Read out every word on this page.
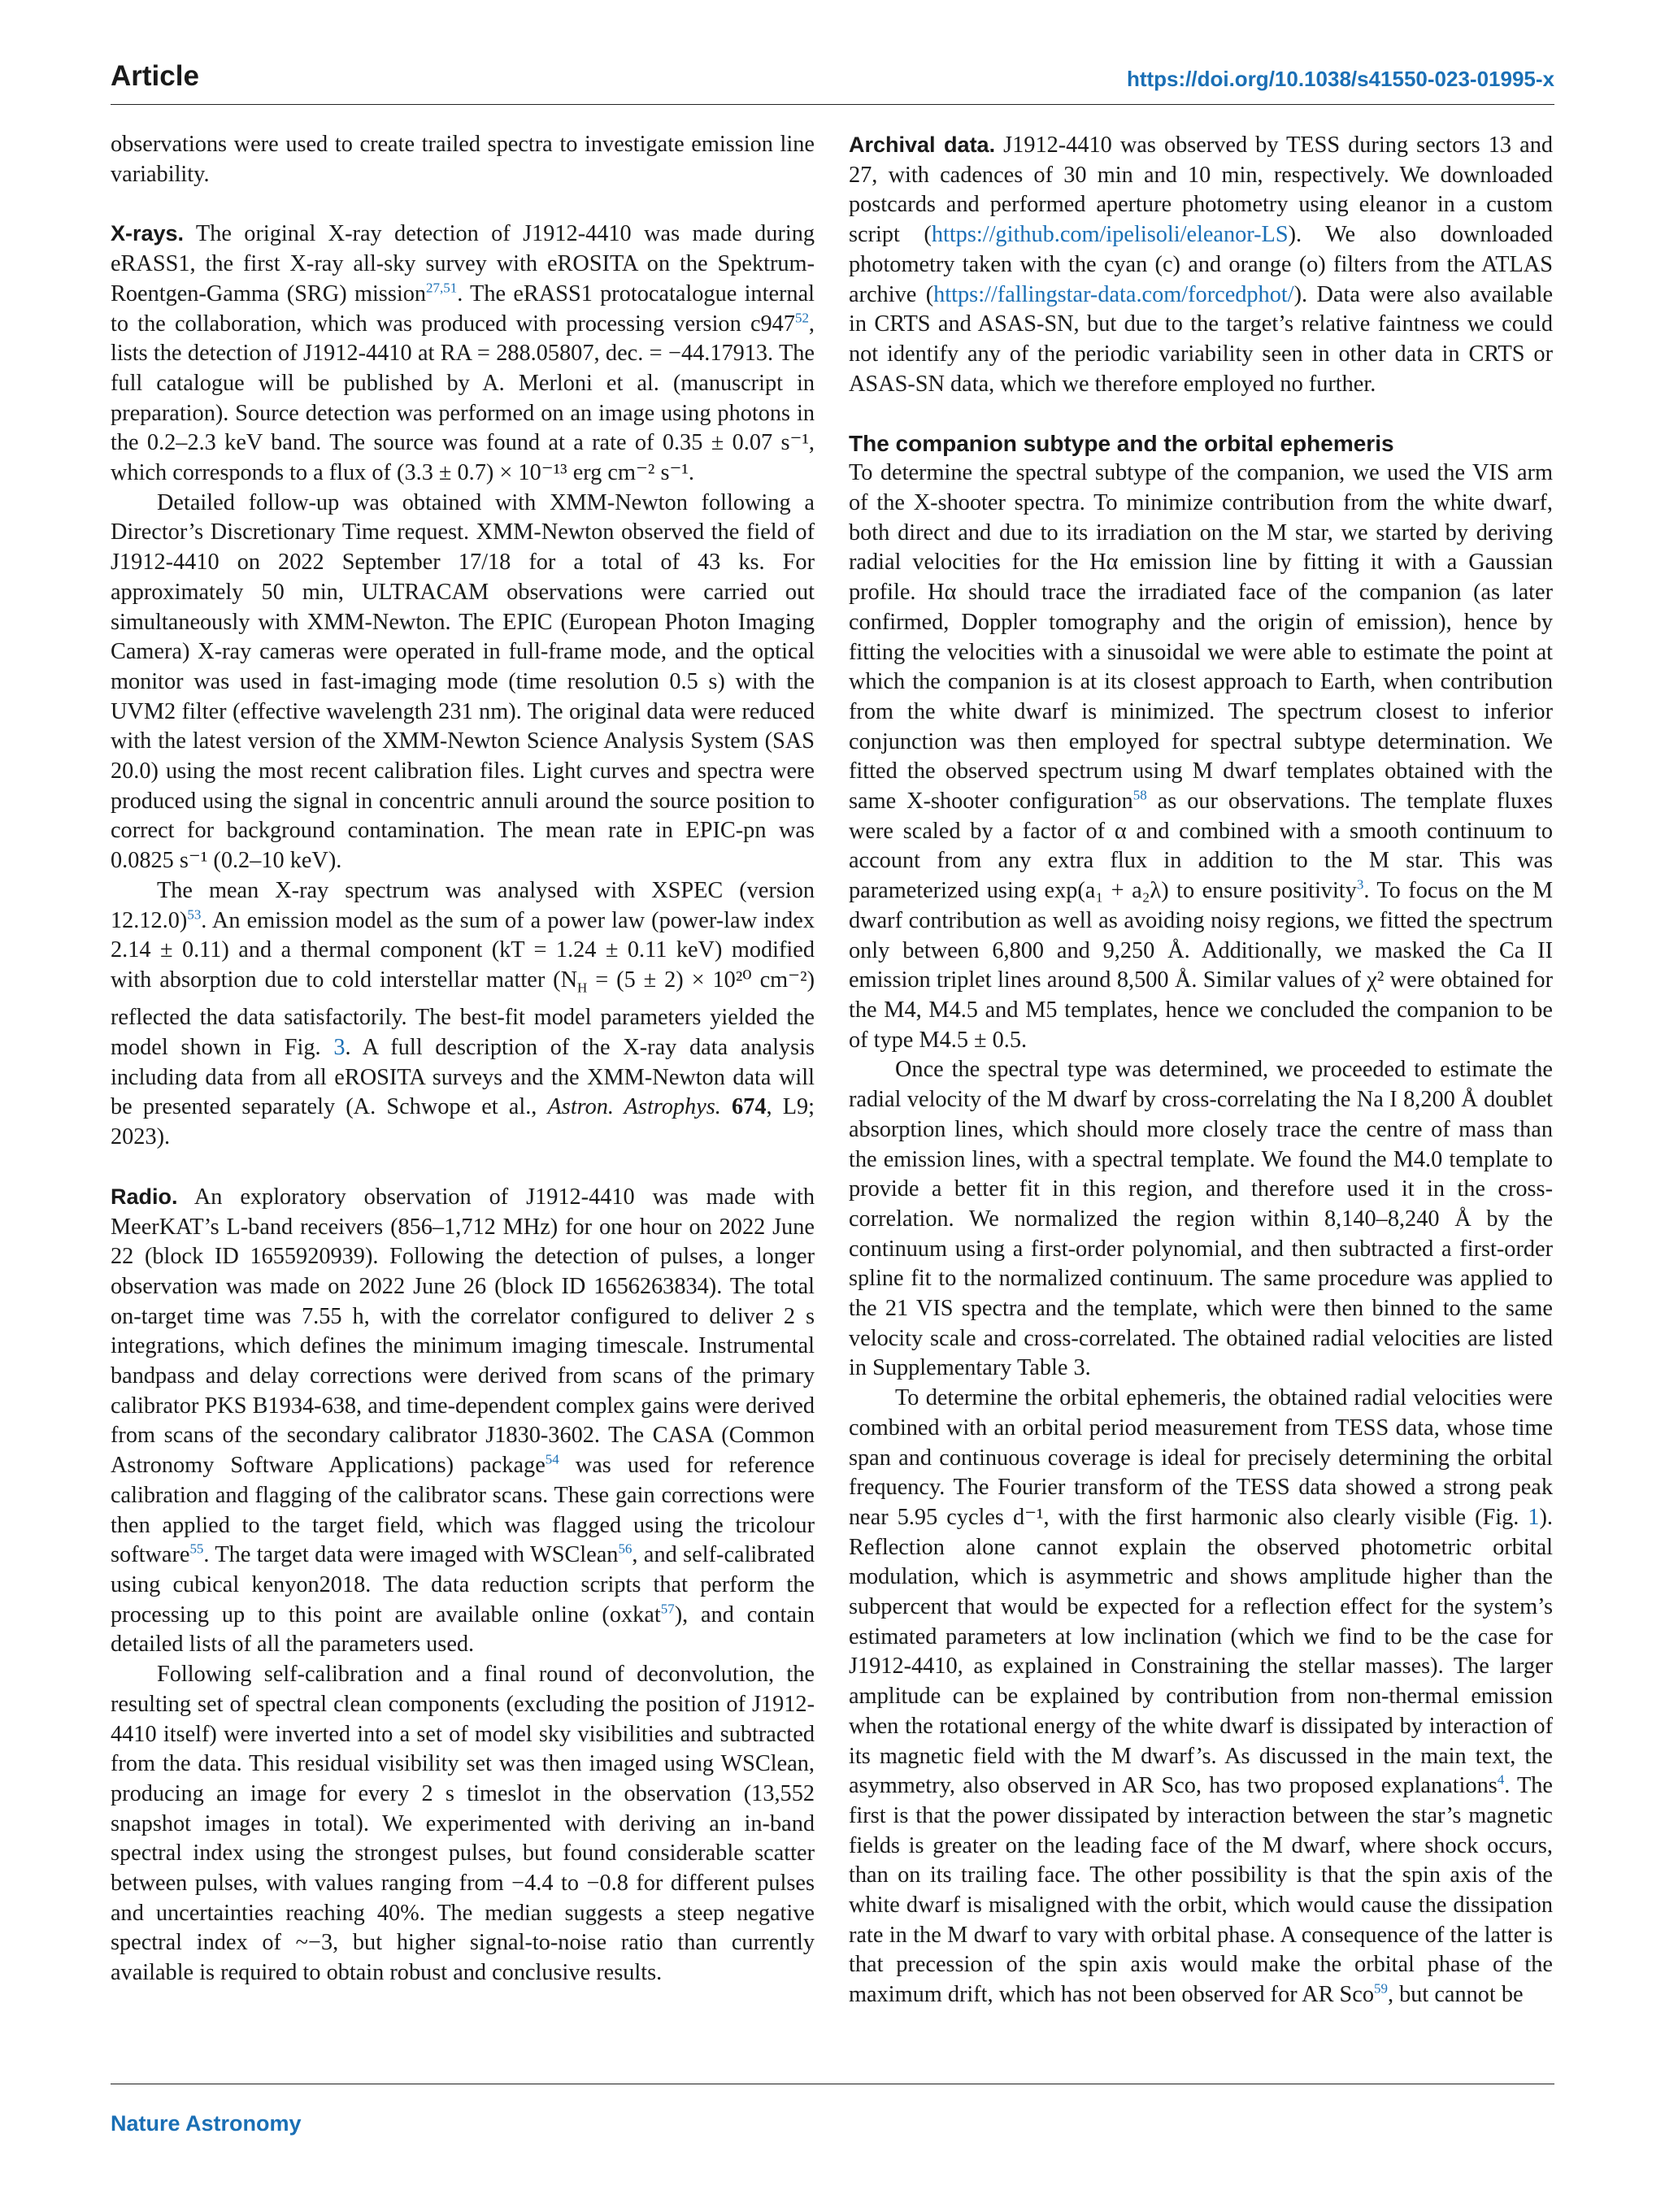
Article	https://doi.org/10.1038/s41550-023-01995-x

observations were used to create trailed spectra to investigate emission line variability.

X-rays. The original X-ray detection of J1912-4410 was made during eRASS1, the first X-ray all-sky survey with eROSITA on the Spektrum-Roentgen-Gamma (SRG) mission$^{27,51}$. The eRASS1 protocatalogue internal to the collaboration, which was produced with processing version c947$^{52}$, lists the detection of J1912-4410 at RA = 288.05807, dec. = −44.17913. The full catalogue will be published by A. Merloni et al. (manuscript in preparation). Source detection was performed on an image using photons in the 0.2–2.3 keV band. The source was found at a rate of 0.35 ± 0.07 s⁻¹, which corresponds to a flux of (3.3 ± 0.7) × 10⁻¹³ erg cm⁻² s⁻¹.

Detailed follow-up was obtained with XMM-Newton following a Director’s Discretionary Time request. XMM-Newton observed the field of J1912-4410 on 2022 September 17/18 for a total of 43 ks. For approximately 50 min, ULTRACAM observations were carried out simultaneously with XMM-Newton. The EPIC (European Photon Imaging Camera) X-ray cameras were operated in full-frame mode, and the optical monitor was used in fast-imaging mode (time resolution 0.5 s) with the UVM2 filter (effective wavelength 231 nm). The original data were reduced with the latest version of the XMM-Newton Science Analysis System (SAS 20.0) using the most recent calibration files. Light curves and spectra were produced using the signal in concentric annuli around the source position to correct for background contamination. The mean rate in EPIC-pn was 0.0825 s⁻¹ (0.2–10 keV).

The mean X-ray spectrum was analysed with XSPEC (version 12.12.0)$^{53}$. An emission model as the sum of a power law (power-law index 2.14 ± 0.11) and a thermal component (kT = 1.24 ± 0.11 keV) modified with absorption due to cold interstellar matter ($N_H = (5 \pm 2) \times 10^{20}$ cm⁻²) reflected the data satisfactorily. The best-fit model parameters yielded the model shown in Fig. 3. A full description of the X-ray data analysis including data from all eROSITA surveys and the XMM-Newton data will be presented separately (A. Schwope et al., Astron. Astrophys. 674, L9; 2023).

Radio. An exploratory observation of J1912-4410 was made with MeerKAT’s L-band receivers (856–1,712 MHz) for one hour on 2022 June 22 (block ID 1655920939). Following the detection of pulses, a longer observation was made on 2022 June 26 (block ID 1656263834). The total on-target time was 7.55 h, with the correlator configured to deliver 2 s integrations, which defines the minimum imaging timescale. Instrumental bandpass and delay corrections were derived from scans of the primary calibrator PKS B1934-638, and time-dependent complex gains were derived from scans of the secondary calibrator J1830-3602. The CASA (Common Astronomy Software Applications) package$^{54}$ was used for reference calibration and flagging of the calibrator scans. These gain corrections were then applied to the target field, which was flagged using the tricolour software$^{55}$. The target data were imaged with WSClean$^{56}$, and self-calibrated using cubical kenyon2018. The data reduction scripts that perform the processing up to this point are available online (oxkat$^{57}$), and contain detailed lists of all the parameters used.

Following self-calibration and a final round of deconvolution, the resulting set of spectral clean components (excluding the position of J1912-4410 itself) were inverted into a set of model sky visibilities and subtracted from the data. This residual visibility set was then imaged using WSClean, producing an image for every 2 s timeslot in the observation (13,552 snapshot images in total). We experimented with deriving an in-band spectral index using the strongest pulses, but found considerable scatter between pulses, with values ranging from −4.4 to −0.8 for different pulses and uncertainties reaching 40%. The median suggests a steep negative spectral index of ~−3, but higher signal-to-noise ratio than currently available is required to obtain robust and conclusive results.

Archival data. J1912-4410 was observed by TESS during sectors 13 and 27, with cadences of 30 min and 10 min, respectively. We downloaded postcards and performed aperture photometry using eleanor in a custom script (https://github.com/ipelisoli/eleanor-LS). We also downloaded photometry taken with the cyan (c) and orange (o) filters from the ATLAS archive (https://fallingstar-data.com/forcedphot/). Data were also available in CRTS and ASAS-SN, but due to the target’s relative faintness we could not identify any of the periodic variability seen in other data in CRTS or ASAS-SN data, which we therefore employed no further.

The companion subtype and the orbital ephemeris

To determine the spectral subtype of the companion, we used the VIS arm of the X-shooter spectra. To minimize contribution from the white dwarf, both direct and due to its irradiation on the M star, we started by deriving radial velocities for the Hα emission line by fitting it with a Gaussian profile. Hα should trace the irradiated face of the companion (as later confirmed, Doppler tomography and the origin of emission), hence by fitting the velocities with a sinusoidal we were able to estimate the point at which the companion is at its closest approach to Earth, when contribution from the white dwarf is minimized. The spectrum closest to inferior conjunction was then employed for spectral subtype determination. We fitted the observed spectrum using M dwarf templates obtained with the same X-shooter configuration$^{58}$ as our observations. The template fluxes were scaled by a factor of α and combined with a smooth continuum to account from any extra flux in addition to the M star. This was parameterized using exp(a₁ + a₂λ) to ensure positivity$^3$. To focus on the M dwarf contribution as well as avoiding noisy regions, we fitted the spectrum only between 6,800 and 9,250 Å. Additionally, we masked the Ca II emission triplet lines around 8,500 Å. Similar values of χ² were obtained for the M4, M4.5 and M5 templates, hence we concluded the companion to be of type M4.5 ± 0.5.

Once the spectral type was determined, we proceeded to estimate the radial velocity of the M dwarf by cross-correlating the Na I 8,200 Å doublet absorption lines, which should more closely trace the centre of mass than the emission lines, with a spectral template. We found the M4.0 template to provide a better fit in this region, and therefore used it in the cross-correlation. We normalized the region within 8,140–8,240 Å by the continuum using a first-order polynomial, and then subtracted a first-order spline fit to the normalized continuum. The same procedure was applied to the 21 VIS spectra and the template, which were then binned to the same velocity scale and cross-correlated. The obtained radial velocities are listed in Supplementary Table 3.

To determine the orbital ephemeris, the obtained radial velocities were combined with an orbital period measurement from TESS data, whose time span and continuous coverage is ideal for precisely determining the orbital frequency. The Fourier transform of the TESS data showed a strong peak near 5.95 cycles d⁻¹, with the first harmonic also clearly visible (Fig. 1). Reflection alone cannot explain the observed photometric orbital modulation, which is asymmetric and shows amplitude higher than the subpercent that would be expected for a reflection effect for the system’s estimated parameters at low inclination (which we find to be the case for J1912-4410, as explained in Constraining the stellar masses). The larger amplitude can be explained by contribution from non-thermal emission when the rotational energy of the white dwarf is dissipated by interaction of its magnetic field with the M dwarf’s. As discussed in the main text, the asymmetry, also observed in AR Sco, has two proposed explanations$^4$. The first is that the power dissipated by interaction between the star’s magnetic fields is greater on the leading face of the M dwarf, where shock occurs, than on its trailing face. The other possibility is that the spin axis of the white dwarf is misaligned with the orbit, which would cause the dissipation rate in the M dwarf to vary with orbital phase. A consequence of the latter is that precession of the spin axis would make the orbital phase of the maximum drift, which has not been observed for AR Sco$^{59}$, but cannot be

Nature Astronomy
